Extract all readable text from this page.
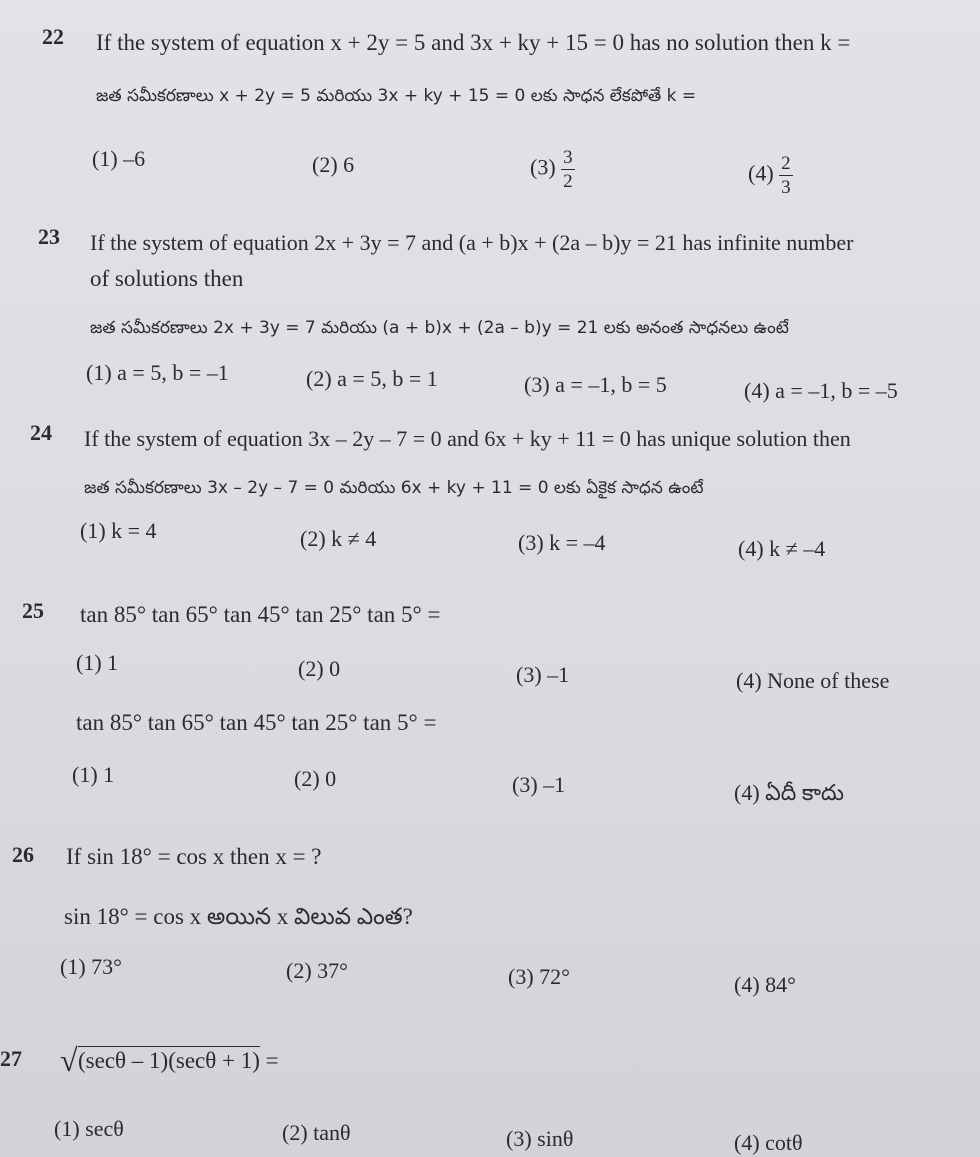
22 If the system of equation x + 2y = 5 and 3x + ky + 15 = 0 has no solution then k =
జత సమీకరణాలు x + 2y = 5 మరియు 3x + ky + 15 = 0 లకు సాధన లేకపోతే k =
(1) –6	(2) 6	$(3) \frac{3}{2}$	$(4) \frac{2}{3}$
23 If the system of equation 2x + 3y = 7 and (a + b)x + (2a – b)y = 21 has infinite number
of solutions then
జత సమీకరణాలు 2x + 3y = 7 మరియు (a + b)x + (2a – b)y = 21 లకు అనంత సాధనలు ఉంటే
(1) a = 5, b = –1	(2) a = 5, b = 1	(3) a = –1, b = 5	(4) a = –1, b = –5
24 If the system of equation 3x – 2y – 7 = 0 and 6x + ky + 11 = 0 has unique solution then
జత సమీకరణాలు 3x – 2y – 7 = 0 మరియు 6x + ky + 11 = 0 లకు ఏకైక సాధన ఉంటే
(1) k = 4	(2) k ≠ 4	(3) k = –4	(4) k ≠ –4
25 tan 85° tan 65° tan 45° tan 25° tan 5° =
(1) 1	(2) 0	(3) –1	(4) None of these
tan 85° tan 65° tan 45° tan 25° tan 5° =
(1) 1	(2) 0	(3) –1	(4) ఏదీ కాదు
26 If sin 18° = cos x then x = ?
sin 18° = cos x అయిన x విలువ ఎంత?
(1) 73°	(2) 37°	(3) 72°	(4) 84°
27
√	(secθ – 1)(secθ + 1) =
(1) secθ	(2) tanθ	(3) sinθ	(4) cotθ
